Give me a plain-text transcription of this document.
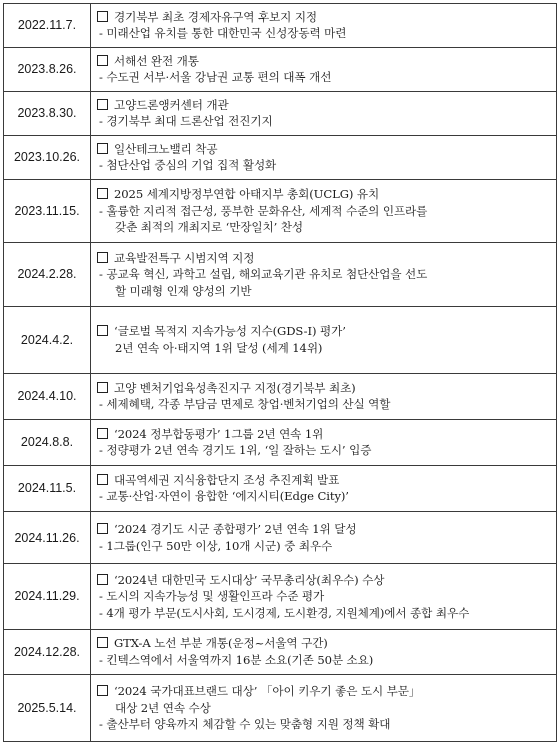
2022.11.7.	경기북부 최초 경제자유구역 후보지 지정
- 미래산업 유치를 통한 대한민국 신성장동력 마련

2023.8.26.	서해선 완전 개통
- 수도권 서부·서울 강남권 교통 편의 대폭 개선

2023.8.30.	고양드론앵커센터 개관
- 경기북부 최대 드론산업 전진기지

2023.10.26.	일산테크노밸리 착공
- 첨단산업 중심의 기업 집적 활성화

2023.11.15.	2025 세계지방정부연합 아태지부 총회(UCLG) 유치
- 훌륭한 지리적 접근성, 풍부한 문화유산, 세계적 수준의 인프라를
갖춘 최적의 개최지로 ‘만장일치’ 찬성

2024.2.28.	교육발전특구 시범지역 지정
- 공교육 혁신, 과학고 설립, 해외교육기관 유치로 첨단산업을 선도
할 미래형 인재 양성의 기반

2024.4.2.	‘글로벌 목적지 지속가능성 지수(GDS-I) 평가’
2년 연속 아·태지역 1위 달성 (세계 14위)

2024.4.10.	고양 벤처기업육성촉진지구 지정(경기북부 최초)
- 세제혜택, 각종 부담금 면제로 창업·벤처기업의 산실 역할

2024.8.8.	‘2024 정부합동평가’ 1그룹 2년 연속 1위
- 정량평가 2년 연속 경기도 1위, ‘일 잘하는 도시’ 입증

2024.11.5.	대곡역세권 지식융합단지 조성 추진계획 발표
- 교통·산업·자연이 융합한 ‘에지시티(Edge City)’

2024.11.26.	‘2024 경기도 시군 종합평가’ 2년 연속 1위 달성
- 1그룹(인구 50만 이상, 10개 시군) 중 최우수

2024.11.29.	‘2024년 대한민국 도시대상’ 국무총리상(최우수) 수상
- 도시의 지속가능성 및 생활인프라 수준 평가
- 4개 평가 부문(도시사회, 도시경제, 도시환경, 지원체계)에서 종합 최우수

2024.12.28.	GTX-A 노선 부분 개통(운정~서울역 구간)
- 킨텍스역에서 서울역까지 16분 소요(기존 50분 소요)

2025.5.14.	‘2024 국가대표브랜드 대상’ 「아이 키우기 좋은 도시 부문」
대상 2년 연속 수상
- 출산부터 양육까지 체감할 수 있는 맞춤형 지원 정책 확대
